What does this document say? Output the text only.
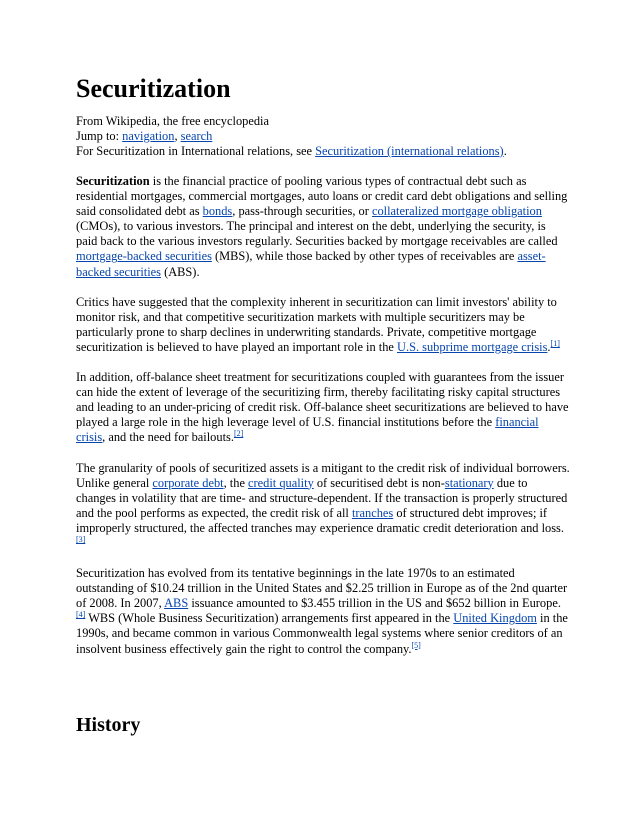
Securitization
From Wikipedia, the free encyclopedia
Jump to: navigation, search
For Securitization in International relations, see Securitization (international relations).

Securitization is the financial practice of pooling various types of contractual debt such as residential mortgages, commercial mortgages, auto loans or credit card debt obligations and selling said consolidated debt as bonds, pass-through securities, or collateralized mortgage obligation (CMOs), to various investors. The principal and interest on the debt, underlying the security, is paid back to the various investors regularly. Securities backed by mortgage receivables are called mortgage-backed securities (MBS), while those backed by other types of receivables are asset-backed securities (ABS).

Critics have suggested that the complexity inherent in securitization can limit investors' ability to monitor risk, and that competitive securitization markets with multiple securitizers may be particularly prone to sharp declines in underwriting standards. Private, competitive mortgage securitization is believed to have played an important role in the U.S. subprime mortgage crisis.[1]

In addition, off-balance sheet treatment for securitizations coupled with guarantees from the issuer can hide the extent of leverage of the securitizing firm, thereby facilitating risky capital structures and leading to an under-pricing of credit risk. Off-balance sheet securitizations are believed to have played a large role in the high leverage level of U.S. financial institutions before the financial crisis, and the need for bailouts.[2]

The granularity of pools of securitized assets is a mitigant to the credit risk of individual borrowers. Unlike general corporate debt, the credit quality of securitised debt is non-stationary due to changes in volatility that are time- and structure-dependent. If the transaction is properly structured and the pool performs as expected, the credit risk of all tranches of structured debt improves; if improperly structured, the affected tranches may experience dramatic credit deterioration and loss.[3]

Securitization has evolved from its tentative beginnings in the late 1970s to an estimated outstanding of $10.24 trillion in the United States and $2.25 trillion in Europe as of the 2nd quarter of 2008. In 2007, ABS issuance amounted to $3.455 trillion in the US and $652 billion in Europe.[4] WBS (Whole Business Securitization) arrangements first appeared in the United Kingdom in the 1990s, and became common in various Commonwealth legal systems where senior creditors of an insolvent business effectively gain the right to control the company.[5]

History
